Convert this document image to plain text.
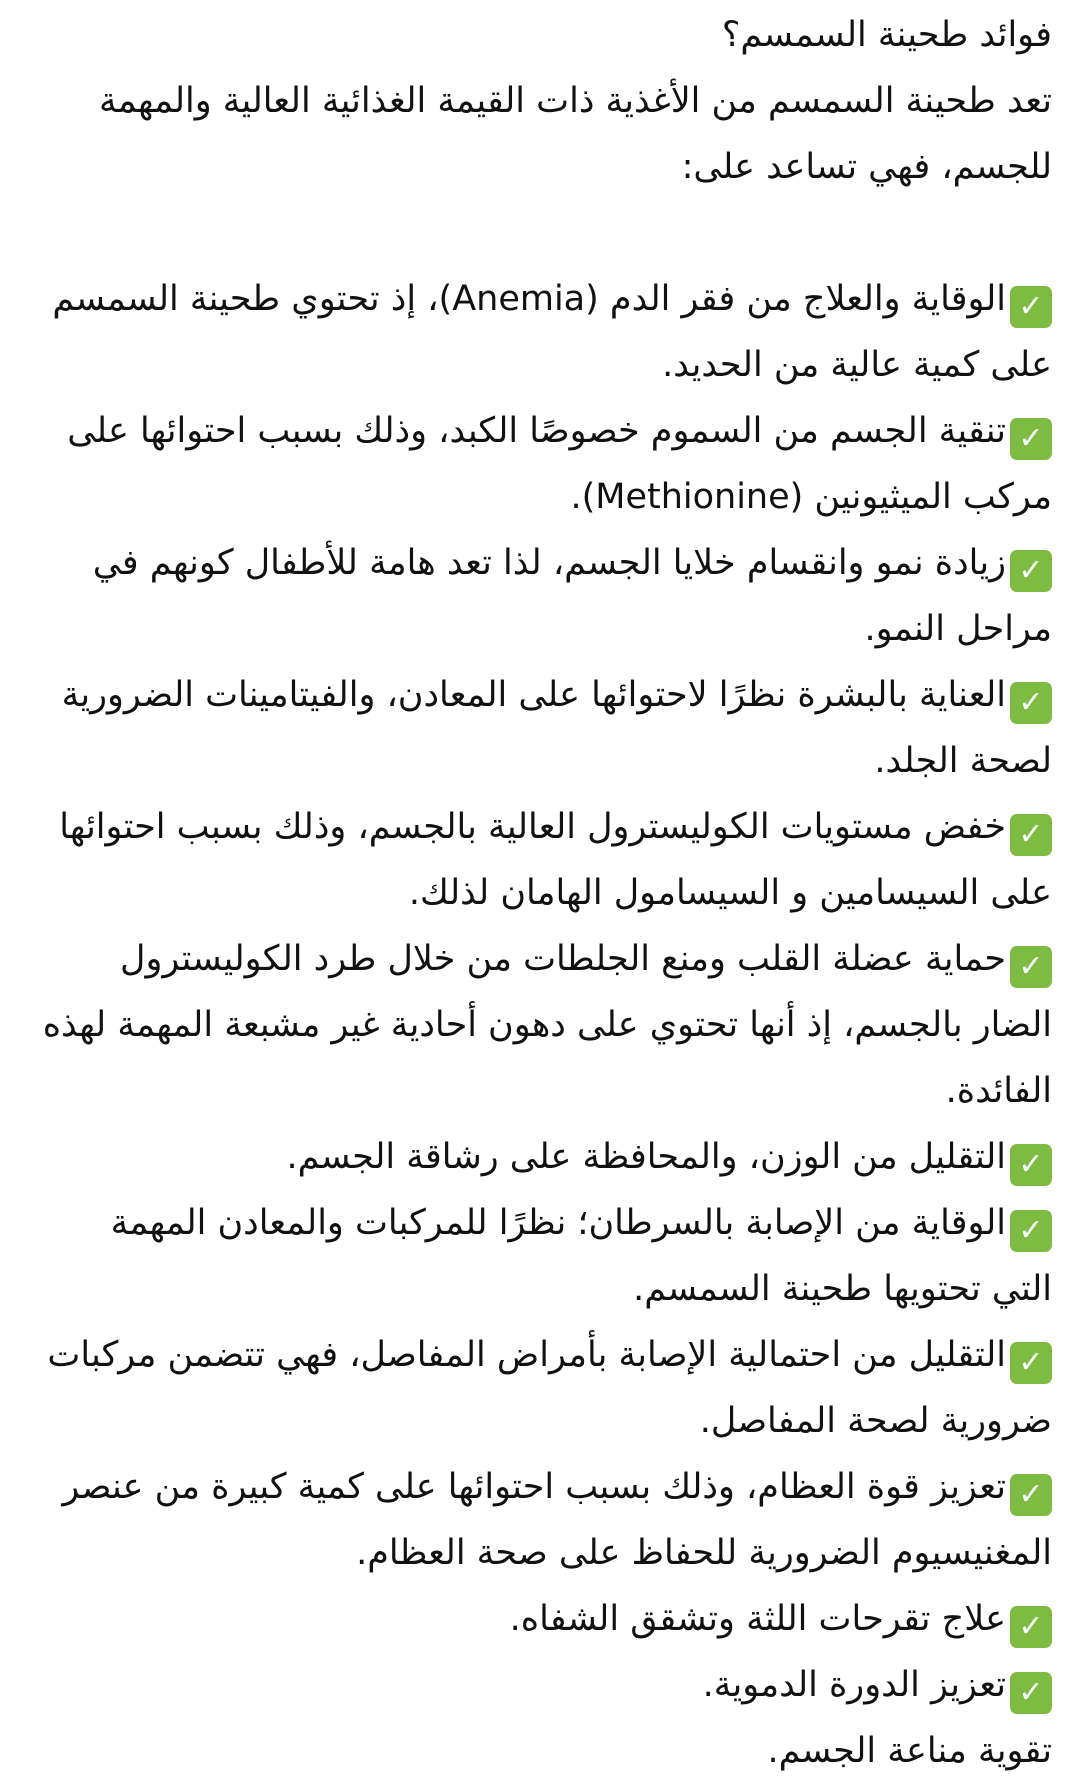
فوائد طحينة السمسم؟

تعد طحينة السمسم من الأغذية ذات القيمة الغذائية العالية والمهمة للجسم، فهي تساعد على:

✓الوقاية والعلاج من فقر الدم (Anemia)، إذ تحتوي طحينة السمسم على كمية عالية من الحديد.

✓تنقية الجسم من السموم خصوصًا الكبد، وذلك بسبب احتوائها على مركب الميثيونين (Methionine).

✓زيادة نمو وانقسام خلايا الجسم، لذا تعد هامة للأطفال كونهم في مراحل النمو.

✓العناية بالبشرة نظرًا لاحتوائها على المعادن، والفيتامينات الضرورية لصحة الجلد.

✓خفض مستويات الكوليسترول العالية بالجسم، وذلك بسبب احتوائها على السيسامين و السيسامول الهامان لذلك.

✓حماية عضلة القلب ومنع الجلطات من خلال طرد الكوليسترول الضار بالجسم، إذ أنها تحتوي على دهون أحادية غير مشبعة المهمة لهذه الفائدة.

✓التقليل من الوزن، والمحافظة على رشاقة الجسم.

✓الوقاية من الإصابة بالسرطان؛ نظرًا للمركبات والمعادن المهمة التي تحتويها طحينة السمسم.

✓التقليل من احتمالية الإصابة بأمراض المفاصل، فهي تتضمن مركبات ضرورية لصحة المفاصل.

✓تعزيز قوة العظام، وذلك بسبب احتوائها على كمية كبيرة من عنصر المغنيسيوم الضرورية للحفاظ على صحة العظام.

✓علاج تقرحات اللثة وتشقق الشفاه.

✓تعزيز الدورة الدموية.

تقوية مناعة الجسم.
